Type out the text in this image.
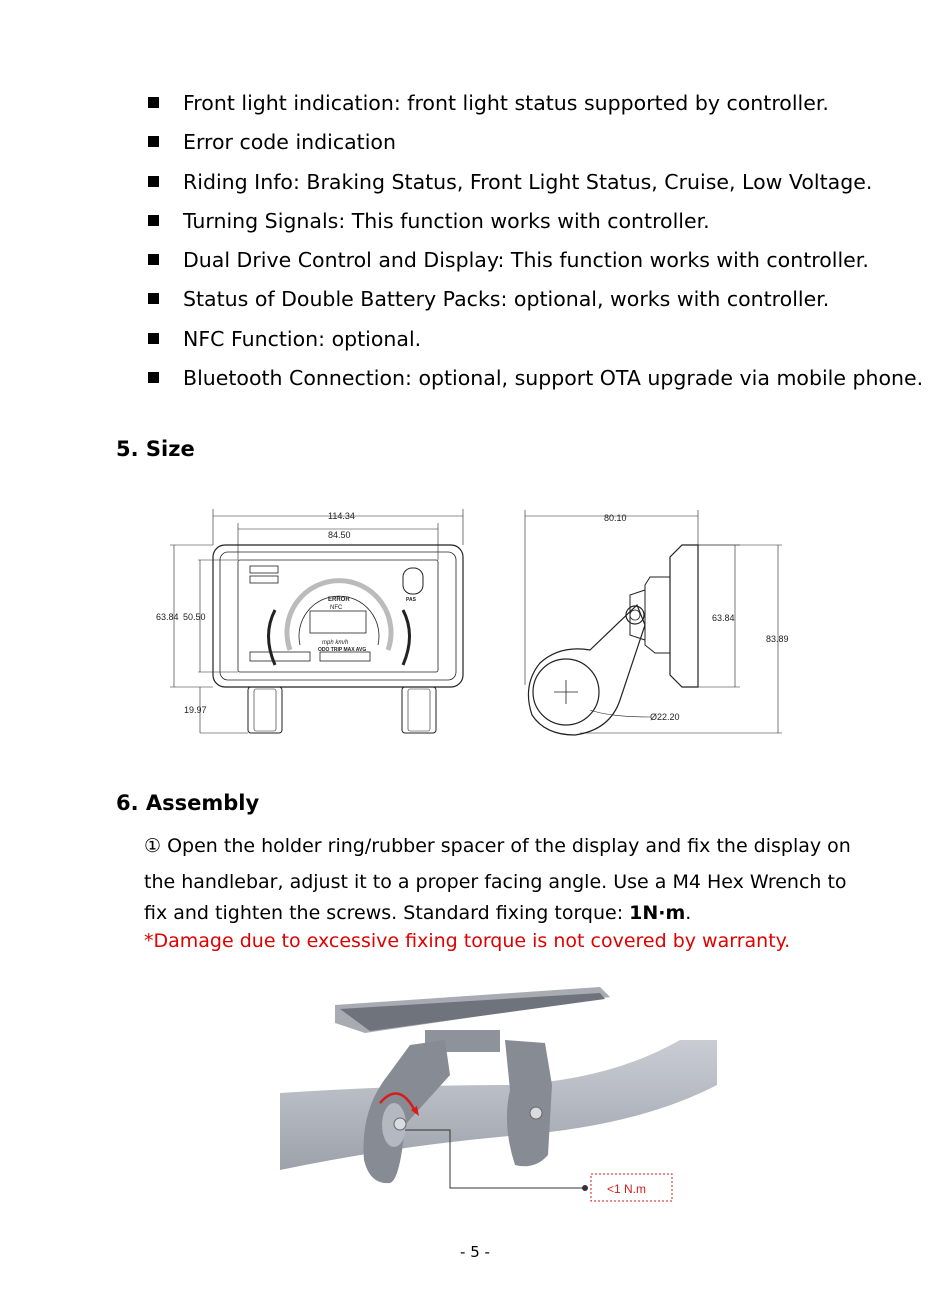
Front light indication: front light status supported by controller.
Error code indication
Riding Info: Braking Status, Front Light Status, Cruise, Low Voltage.
Turning Signals: This function works with controller.
Dual Drive Control and Display: This function works with controller.
Status of Double Battery Packs: optional, works with controller.
NFC Function: optional.
Bluetooth Connection: optional, support OTA upgrade via mobile phone.
5. Size
114.34
84.50
63.84 50.50
19.97
80.10
63.84
83.89
Ø22.20
ERROR
NFC
mph km/h
ODO TRIP MAX AVG
PAS
6. Assembly
① Open the holder ring/rubber spacer of the display and fix the display on
the handlebar, adjust it to a proper facing angle. Use a M4 Hex Wrench to
fix and tighten the screws. Standard fixing torque: 1N·m.
*Damage due to excessive fixing torque is not covered by warranty.
<1 N.m
- 5 -
